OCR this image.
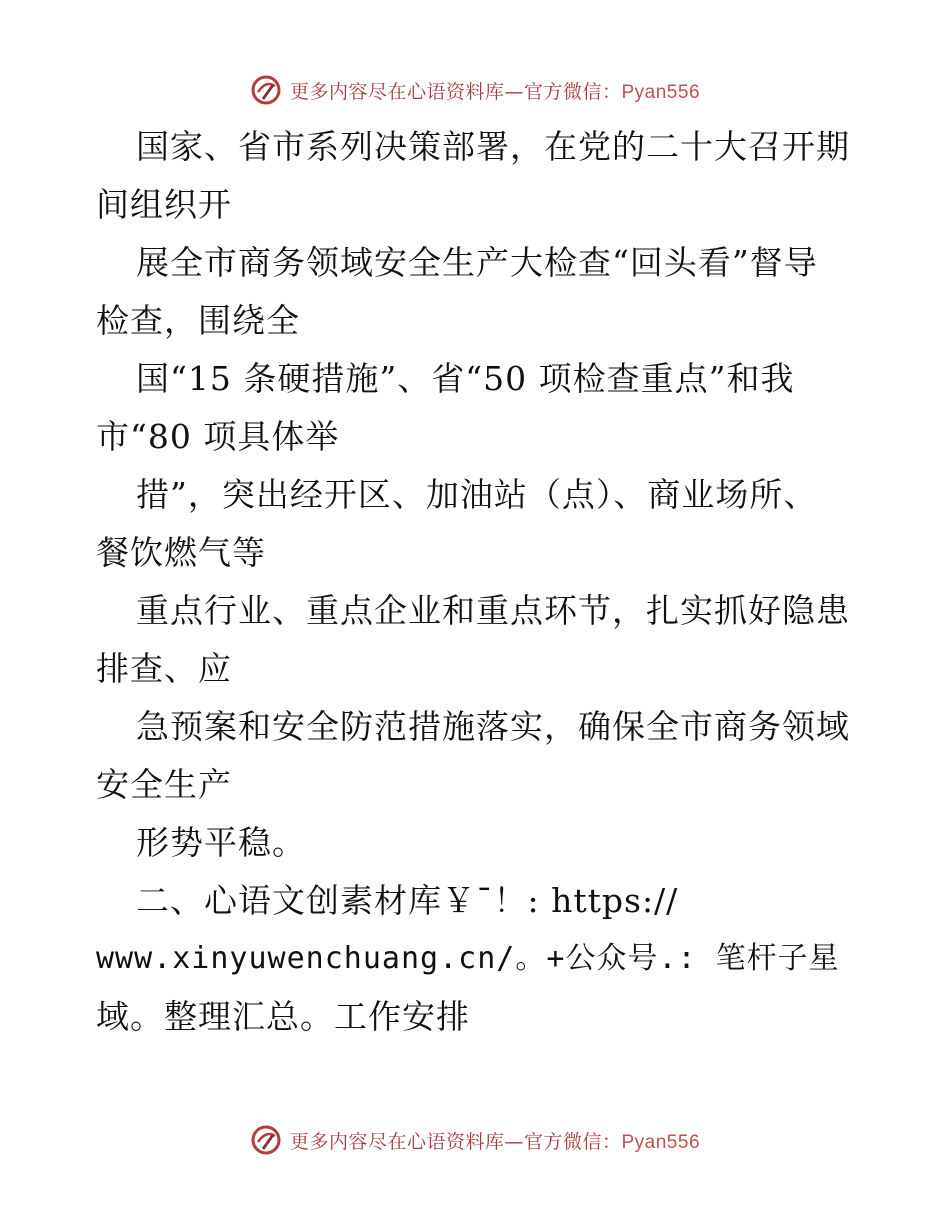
更多内容尽在心语资料库—官方微信：Pyan556
国家、省市系列决策部署，在党的二十大召开期
间组织开
展全市商务领域安全生产大检查“回头看”督导
检查，围绕全
国“15 条硬措施”、省“50 项检查重点”和我
市“80 项具体举
措”，突出经开区、加油站（点）、商业场所、
餐饮燃气等
重点行业、重点企业和重点环节，扎实抓好隐患
排查、应
急预案和安全防范措施落实，确保全市商务领域
安全生产
形势平稳。
二、心语文创素材库￥¯！: https://
www.xinyuwenchuang.cn/。+公众号.: 笔杆子星
域。整理汇总。工作安排
更多内容尽在心语资料库—官方微信：Pyan556
